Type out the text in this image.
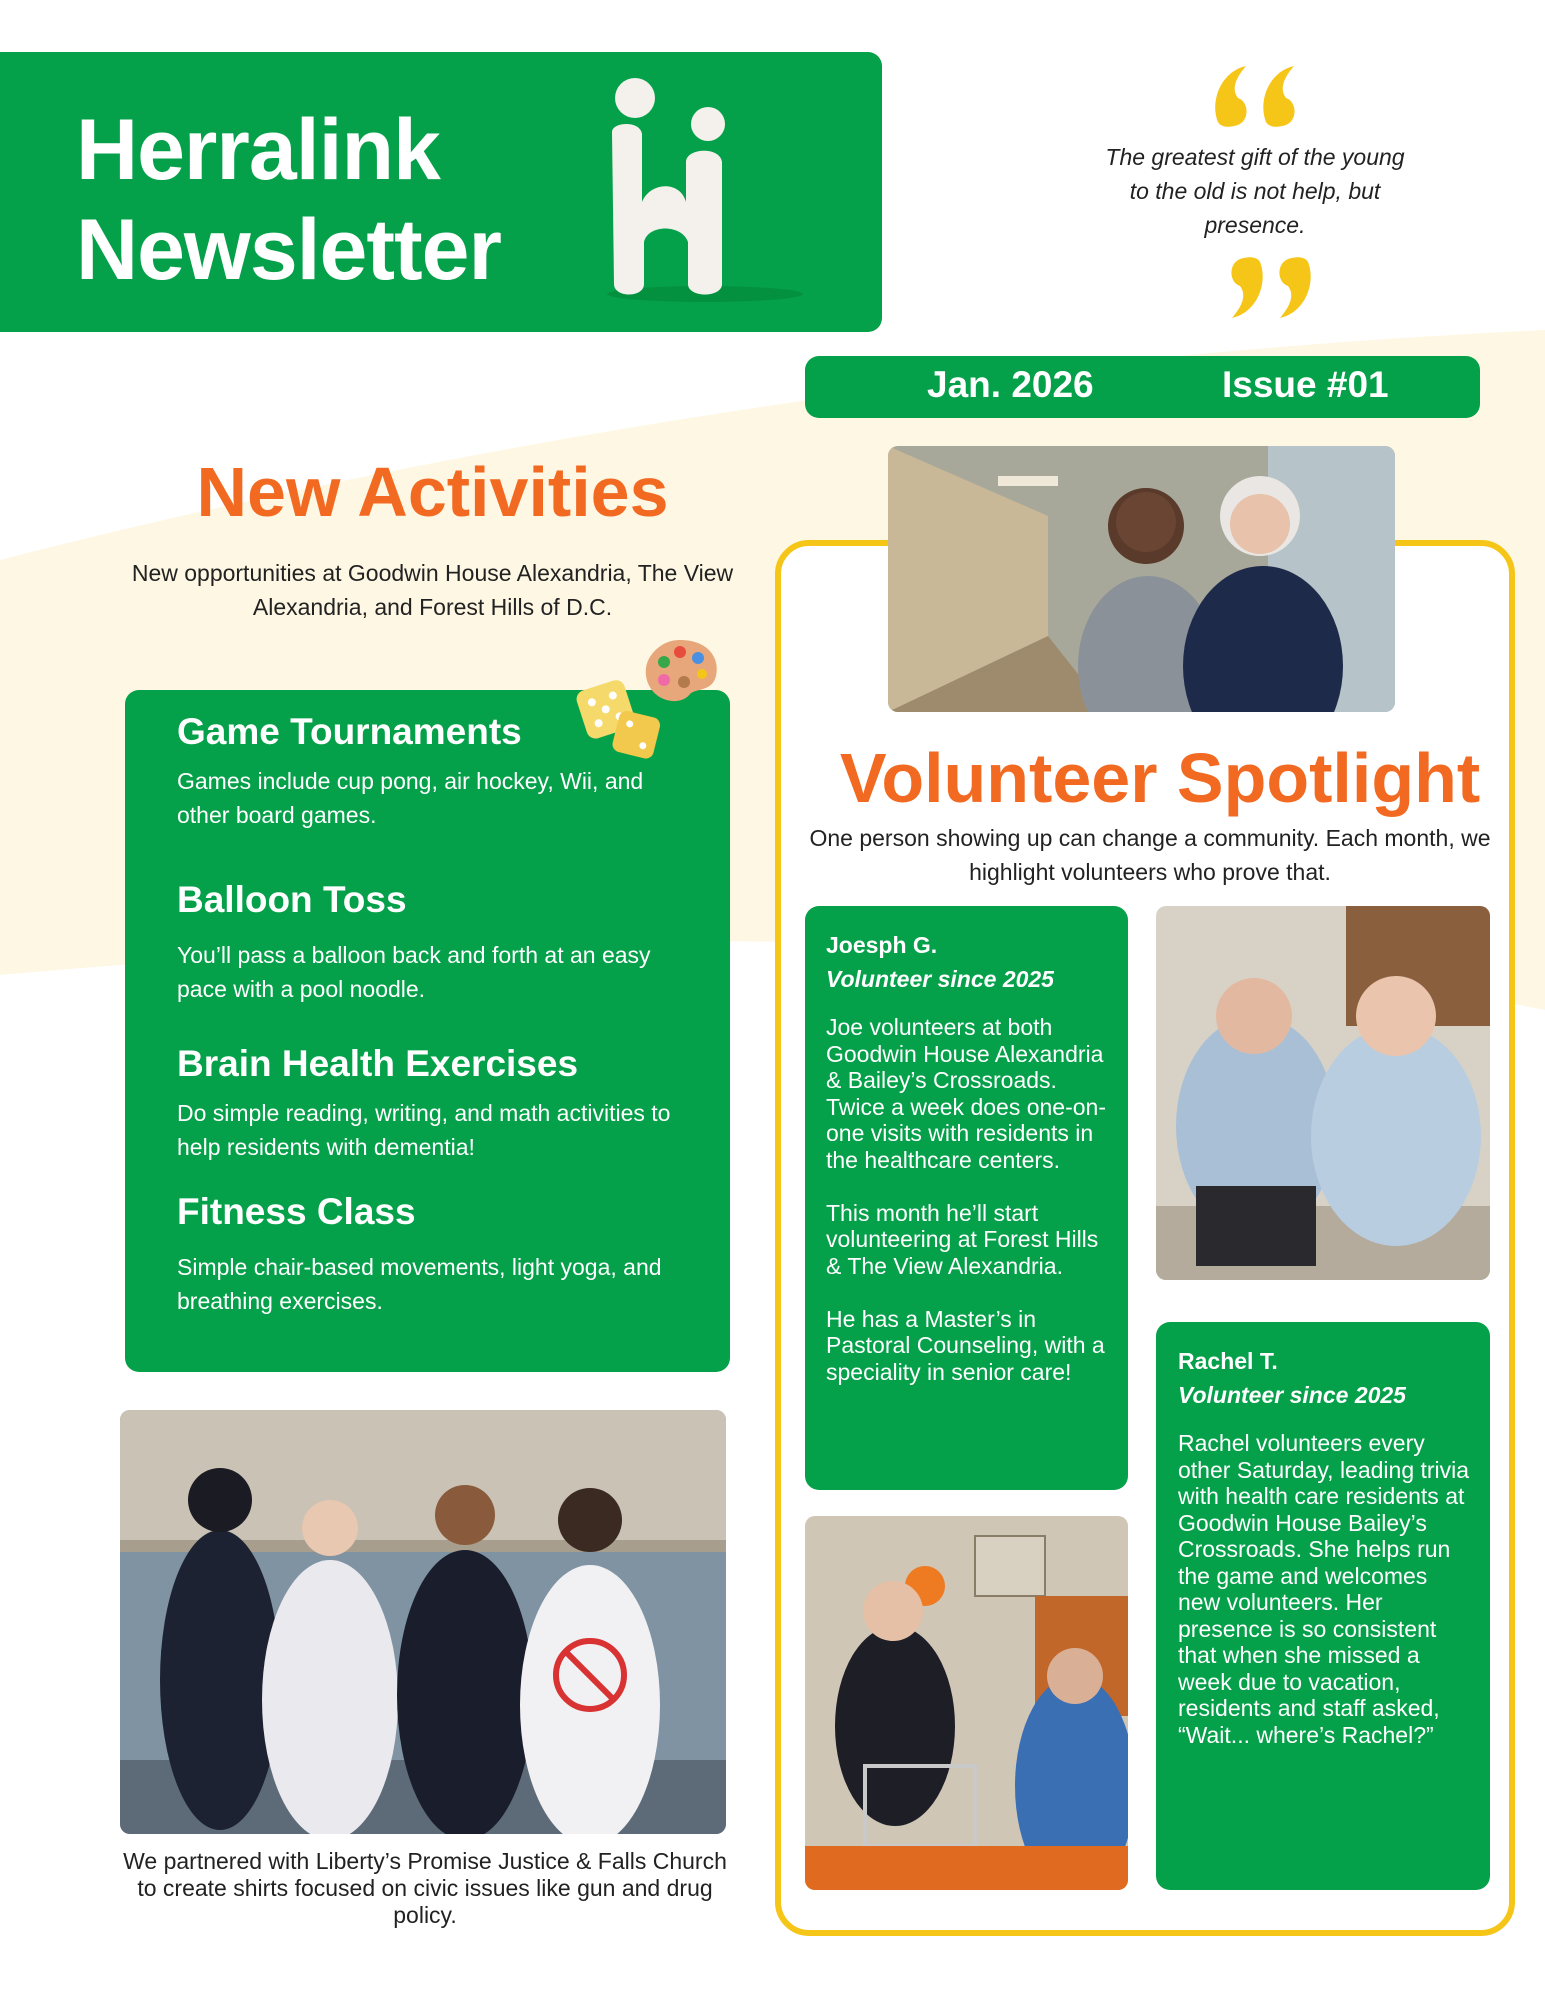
Herralink
Newsletter
The greatest gift of the young
to the old is not help, but
presence.
Jan. 2026	Issue #01
New Activities
New opportunities at Goodwin House Alexandria, The View Alexandria, and Forest Hills of D.C.
Game Tournaments
Games include cup pong, air hockey, Wii, and other board games.
Balloon Toss
You’ll pass a balloon back and forth at an easy pace with a pool noodle.
Brain Health Exercises
Do simple reading, writing, and math activities to help residents with dementia!
Fitness Class
Simple chair-based movements, light yoga, and breathing exercises.
We partnered with Liberty’s Promise Justice & Falls Church to create shirts focused on civic issues like gun and drug policy.
Volunteer Spotlight
One person showing up can change a community. Each month, we highlight volunteers who prove that.
Joesph G.
Volunteer since 2025

Joe volunteers at both Goodwin House Alexandria & Bailey’s Crossroads. Twice a week does one-on-one visits with residents in the healthcare centers.

This month he’ll start volunteering at Forest Hills & The View Alexandria.

He has a Master’s in Pastoral Counseling, with a speciality in senior care!	Rachel T.
Volunteer since 2025

Rachel volunteers every other Saturday, leading trivia with health care residents at Goodwin House Bailey’s Crossroads. She helps run the game and welcomes new volunteers. Her presence is so consistent that when she missed a week due to vacation, residents and staff asked, “Wait... where’s Rachel?”
